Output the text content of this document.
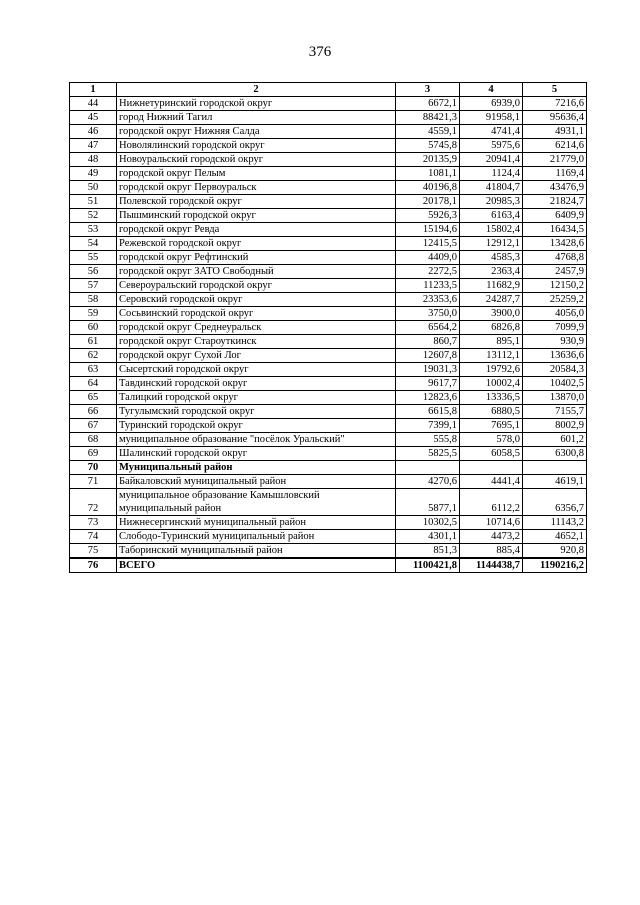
376
1	2	3	4	5
44	Нижнетуринский городской округ	6672,1	6939,0	7216,6
45	город Нижний Тагил	88421,3	91958,1	95636,4
46	городской округ Нижняя Салда	4559,1	4741,4	4931,1
47	Новолялинский городской округ	5745,8	5975,6	6214,6
48	Новоуральский городской округ	20135,9	20941,4	21779,0
49	городской округ Пелым	1081,1	1124,4	1169,4
50	городской округ Первоуральск	40196,8	41804,7	43476,9
51	Полевской городской округ	20178,1	20985,3	21824,7
52	Пышминский городской округ	5926,3	6163,4	6409,9
53	городской округ Ревда	15194,6	15802,4	16434,5
54	Режевской городской округ	12415,5	12912,1	13428,6
55	городской округ Рефтинский	4409,0	4585,3	4768,8
56	городской округ ЗАТО Свободный	2272,5	2363,4	2457,9
57	Североуральский городской округ	11233,5	11682,9	12150,2
58	Серовский городской округ	23353,6	24287,7	25259,2
59	Сосьвинский городской округ	3750,0	3900,0	4056,0
60	городской округ Среднеуральск	6564,2	6826,8	7099,9
61	городской округ Староуткинск	860,7	895,1	930,9
62	городской округ Сухой Лог	12607,8	13112,1	13636,6
63	Сысертский городской округ	19031,3	19792,6	20584,3
64	Тавдинский городской округ	9617,7	10002,4	10402,5
65	Талицкий городской округ	12823,6	13336,5	13870,0
66	Тугулымский городской округ	6615,8	6880,5	7155,7
67	Туринский городской округ	7399,1	7695,1	8002,9
68	муниципальное образование "посёлок Уральский"	555,8	578,0	601,2
69	Шалинский городской округ	5825,5	6058,5	6300,8
70	Муниципальный район			
71	Байкаловский муниципальный район	4270,6	4441,4	4619,1
72	муниципальное образование Камышловский муниципальный район	5877,1	6112,2	6356,7
73	Нижнесергинский муниципальный район	10302,5	10714,6	11143,2
74	Слободо-Туринский муниципальный район	4301,1	4473,2	4652,1
75	Таборинский муниципальный район	851,3	885,4	920,8
76	ВСЕГО	1100421,8	1144438,7	1190216,2
